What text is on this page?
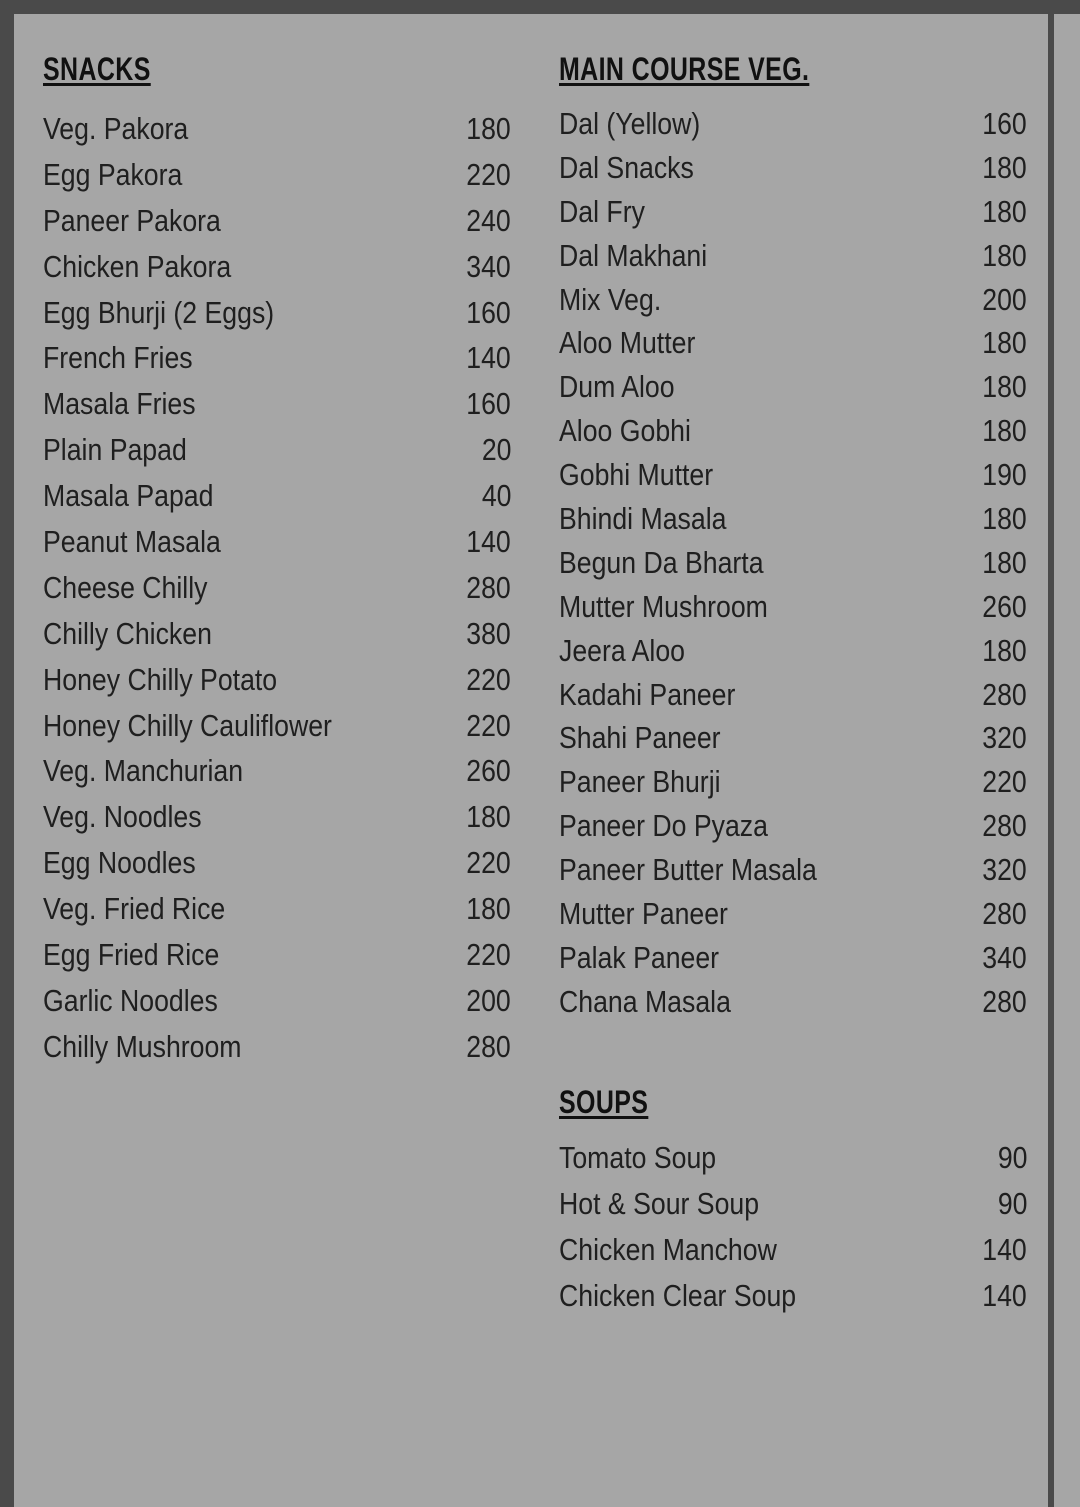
SNACKS
Veg. Pakora	180
Egg Pakora	220
Paneer Pakora	240
Chicken Pakora	340
Egg Bhurji (2 Eggs)	160
French Fries	140
Masala Fries	160
Plain Papad	20
Masala Papad	40
Peanut Masala	140
Cheese Chilly	280
Chilly Chicken	380
Honey Chilly Potato	220
Honey Chilly Cauliflower	220
Veg. Manchurian	260
Veg. Noodles	180
Egg Noodles	220
Veg. Fried Rice	180
Egg Fried Rice	220
Garlic Noodles	200
Chilly Mushroom	280
MAIN COURSE VEG.
Dal (Yellow)	160
Dal Snacks	180
Dal Fry	180
Dal Makhani	180
Mix Veg.	200
Aloo Mutter	180
Dum Aloo	180
Aloo Gobhi	180
Gobhi Mutter	190
Bhindi Masala	180
Begun Da Bharta	180
Mutter Mushroom	260
Jeera Aloo	180
Kadahi Paneer	280
Shahi Paneer	320
Paneer Bhurji	220
Paneer Do Pyaza	280
Paneer Butter Masala	320
Mutter Paneer	280
Palak Paneer	340
Chana Masala	280
SOUPS
Tomato Soup	90
Hot & Sour Soup	90
Chicken Manchow	140
Chicken Clear Soup	140
